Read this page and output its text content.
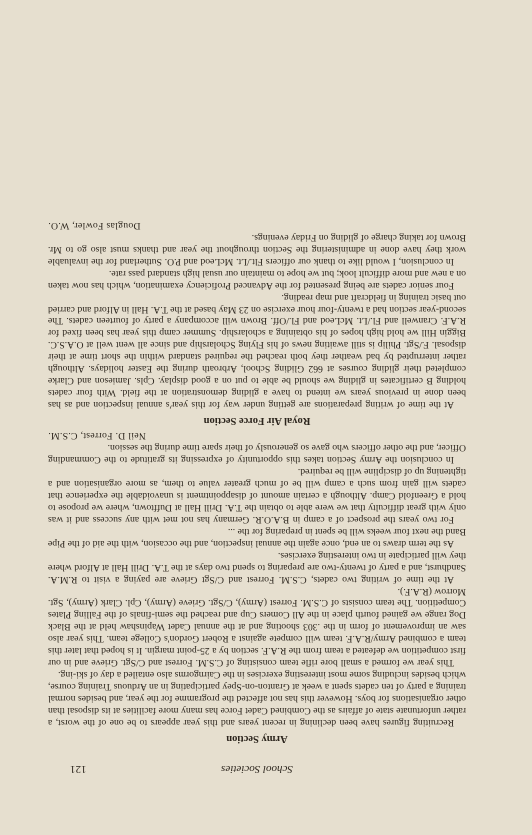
School Societies
121
Army Section

Recruiting figures have been declining in recent years and this year appears to be one of the worst, a rather unfortunate state of affairs as the Combined Cadet Force has many more facilities at its disposal than other organisations for boys. However this has not affected the programme for the year, and besides normal training a party of ten cadets spent a week at Granton-on-Spey participating in an Arduous Training course, which besides including some most interesting exercises in the Cairngorms also entailed a day of ski-ing.

This year we formed a small bore rifle team consisting of C.S.M. Forrest and C/Sgt. Grieve and in our first competition we defeated a team from the R.A.F. section by a 25-point margin. It is hoped that later this team a combined Army/R.A.F. team will compete against a Robert Gordon's College team. This year also saw an improvement of form in the .303 shooting and at the annual Cadet Wapinshaw held at the Black Dog range we gained fourth place in the All Comers Cup and reached the semi-finals of the Falling Plates Competition. The team consists of C.S.M. Forrest (Army), C/Sgt. Grieve (Army), Cpl. Clark (Army), Sgt. Morrow (R.A.F.).

At the time of writing two cadets, C.S.M. Forrest and C/Sgt Grieve are paying a visit to R.M.A. Sandhurst, and a party of twenty-two are preparing to spend two days at the T.A. Drill Hall at Alford where they will participate in two interesting exercises.

As the term draws to an end, once again the annual inspection, and the occasion, with the aid of the Pipe Band the next four weeks will be spent in preparing for the ...

For two years the prospect of a camp in B.A.O.R. Germany has not met with any success and it was only with great difficulty that we were able to obtain the T.A. Drill Hall at Dufftown, where we propose to hold a Greenfold Camp. Although a certain amount of disappointment is unavoidable the experience that cadets will gain from such a camp will be of much greater value to them, as more organisation and a tightening up of discipline will be required.

In conclusion the Army Section takes this opportunity of expressing its gratitude to the Commanding Officer, and the other officers who gave so generously of their spare time during the session.

Neil D. Forrest, C.S.M.

Royal Air Force Section

At the time of writing preparations are getting under way for this year's annual inspection and as has been done in previous years we intend to have a gliding demonstration at the field. With four cadets holding B certificates in gliding we should be able to put on a good display. Cpls. Jamieson and Clarke completed their gliding courses at 662 Gliding School, Arbroath during the Easter holidays. Although rather interrupted by bad weather they both reached the required standard within the short time at their disposal. F./Sgt. Philip is still awaiting news of his Flying Scholarship and since all went well at O.A.S.C. Biggin Hill we hold high hopes of his obtaining a scholarship. Summer camp this year has been fixed for R.A.F. Cranwell and Fl./Lt. McLeod and Fl./Off. Brown will accompany a party of fourteen cadets. The second-year section had a twenty-four hour exercise on 23 May based at the T.A. Hall in Alford and carried out basic training in fieldcraft and map reading.

Four senior cadets are being presented for the Advanced Proficiency examination, which has now taken on a new and more difficult look; but we hope to maintain our usual high standard pass rate.

In conclusion, I would like to thank our officers Flt./Lt. McLeod and P.O. Sutherland for the invaluable work they have done in administering the Section throughout the year and thanks must also go to Mr. Brown for taking charge of gliding on Friday evenings.

Douglas Fowler, W.O.
